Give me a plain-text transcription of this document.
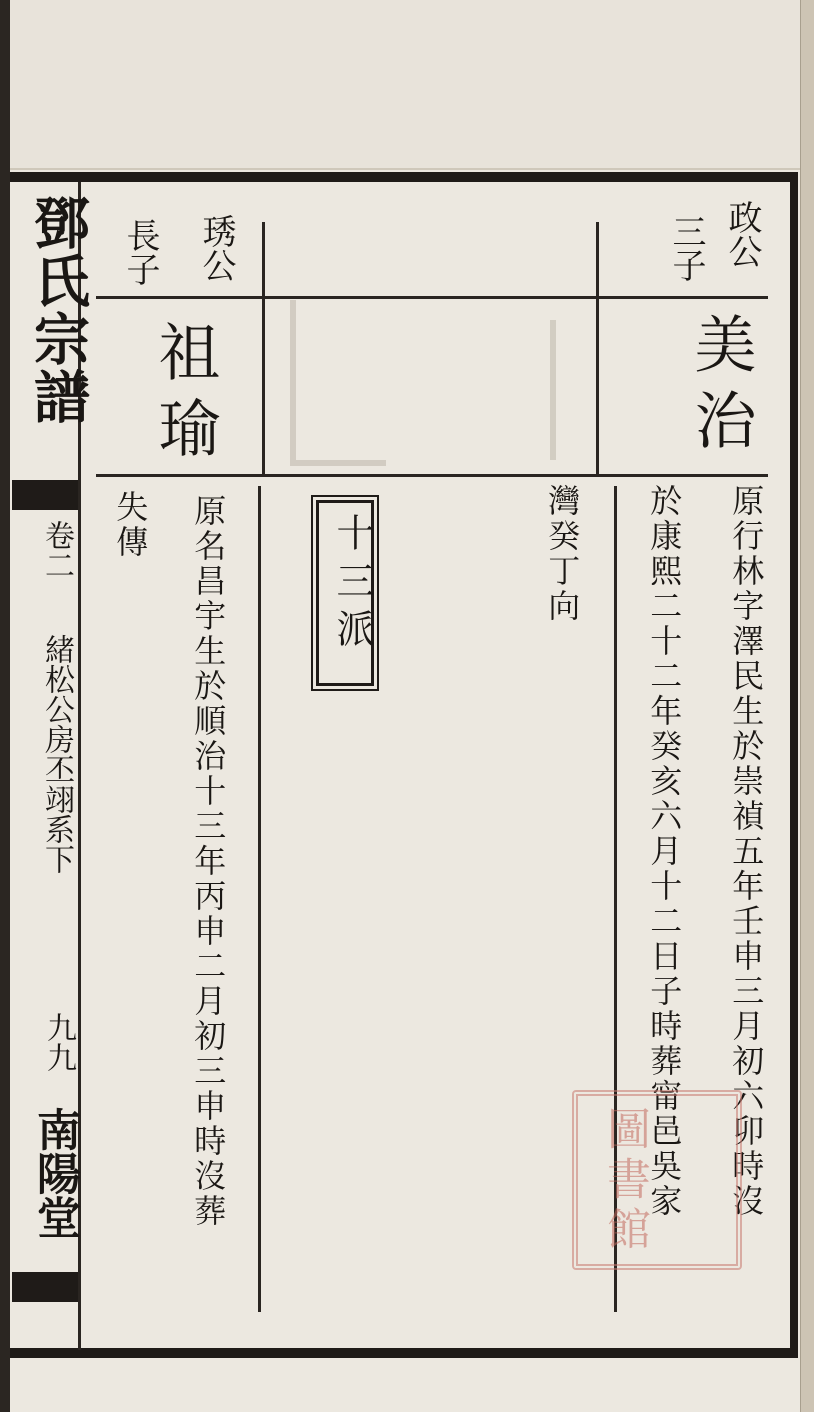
鄧氏宗譜
卷二
緒松公房丕翊系下
九九
南陽堂
政公
三子
美治
原行林字澤民生於崇禎五年壬申三月初六卯時沒
於康熙二十二年癸亥六月十二日子時葬甯邑吳家
灣癸丁向
十三派
琇公
長子
祖瑜
原名昌宇生於順治十三年丙申二月初三申時沒葬
失傳
圖書館
